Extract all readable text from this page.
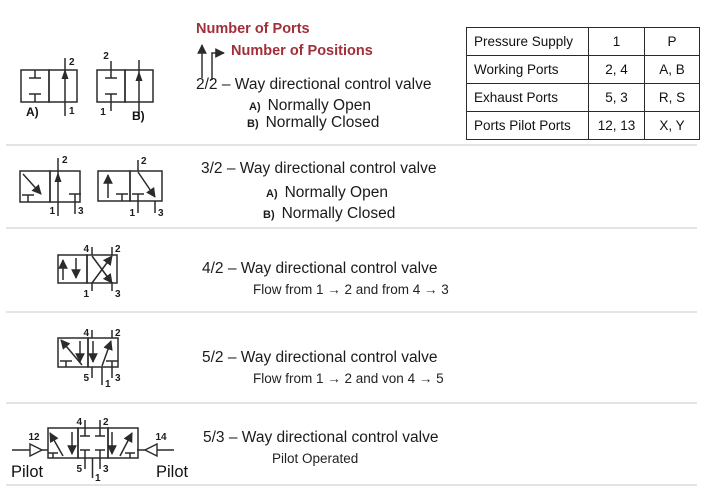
2
1
A)
2
1 B)
Number of Ports
Number of Positions
2/2 – Way directional control valve
A) Normally Open
B) Normally Closed
Pressure Supply	1	P
Working Ports	2, 4	A, B
Exhaust Ports	5, 3	R, S
Ports Pilot Ports	12, 13	X, Y
2
1 3
2
1 3
3/2 – Way directional control valve
A) Normally Open
B) Normally Closed
4	2
1	3
4/2 – Way directional control valve
Flow from 1 → 2 and from 4 → 3
4	2
5
1
3
5/2 – Way directional control valve
Flow from 1 → 2 and von 4 → 5
4 2
5
1
3
12	14
Pilot	Pilot
5/3 – Way directional control valve
Pilot Operated
